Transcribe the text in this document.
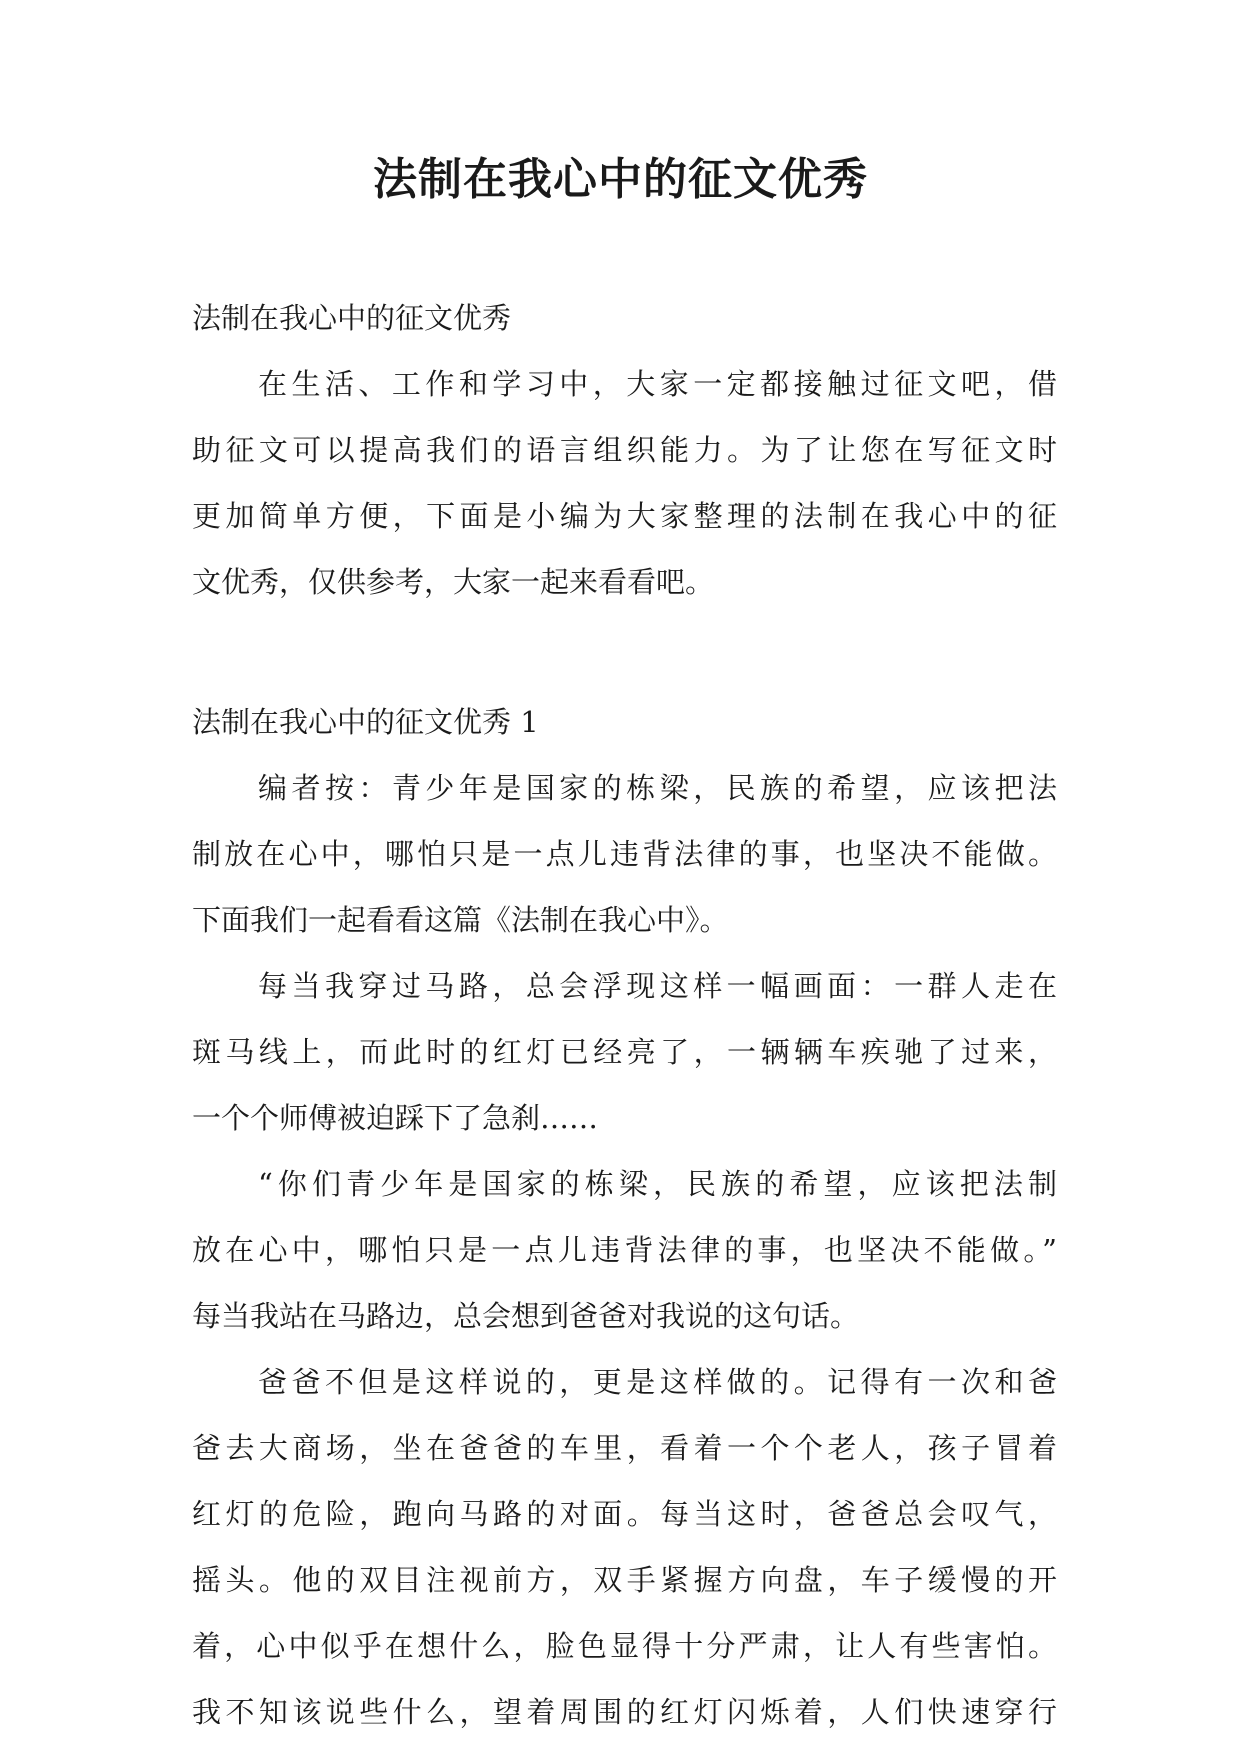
法制在我心中的征文优秀

法制在我心中的征文优秀

在生活、工作和学习中，大家一定都接触过征文吧，借

助征文可以提高我们的语言组织能力。为了让您在写征文时

更加简单方便，下面是小编为大家整理的法制在我心中的征

文优秀，仅供参考，大家一起来看看吧。

法制在我心中的征文优秀 1

编者按：青少年是国家的栋梁，民族的希望，应该把法

制放在心中，哪怕只是一点儿违背法律的事，也坚决不能做。

下面我们一起看看这篇《法制在我心中》。

每当我穿过马路，总会浮现这样一幅画面：一群人走在

斑马线上，而此时的红灯已经亮了，一辆辆车疾驰了过来，

一个个师傅被迫踩下了急刹……

“你们青少年是国家的栋梁，民族的希望，应该把法制

放在心中，哪怕只是一点儿违背法律的事，也坚决不能做。”

每当我站在马路边，总会想到爸爸对我说的这句话。

爸爸不但是这样说的，更是这样做的。记得有一次和爸

爸去大商场，坐在爸爸的车里，看着一个个老人，孩子冒着

红灯的危险，跑向马路的对面。每当这时，爸爸总会叹气，

摇头。他的双目注视前方，双手紧握方向盘，车子缓慢的开

着，心中似乎在想什么，脸色显得十分严肃，让人有些害怕。

我不知该说些什么，望着周围的红灯闪烁着，人们快速穿行
